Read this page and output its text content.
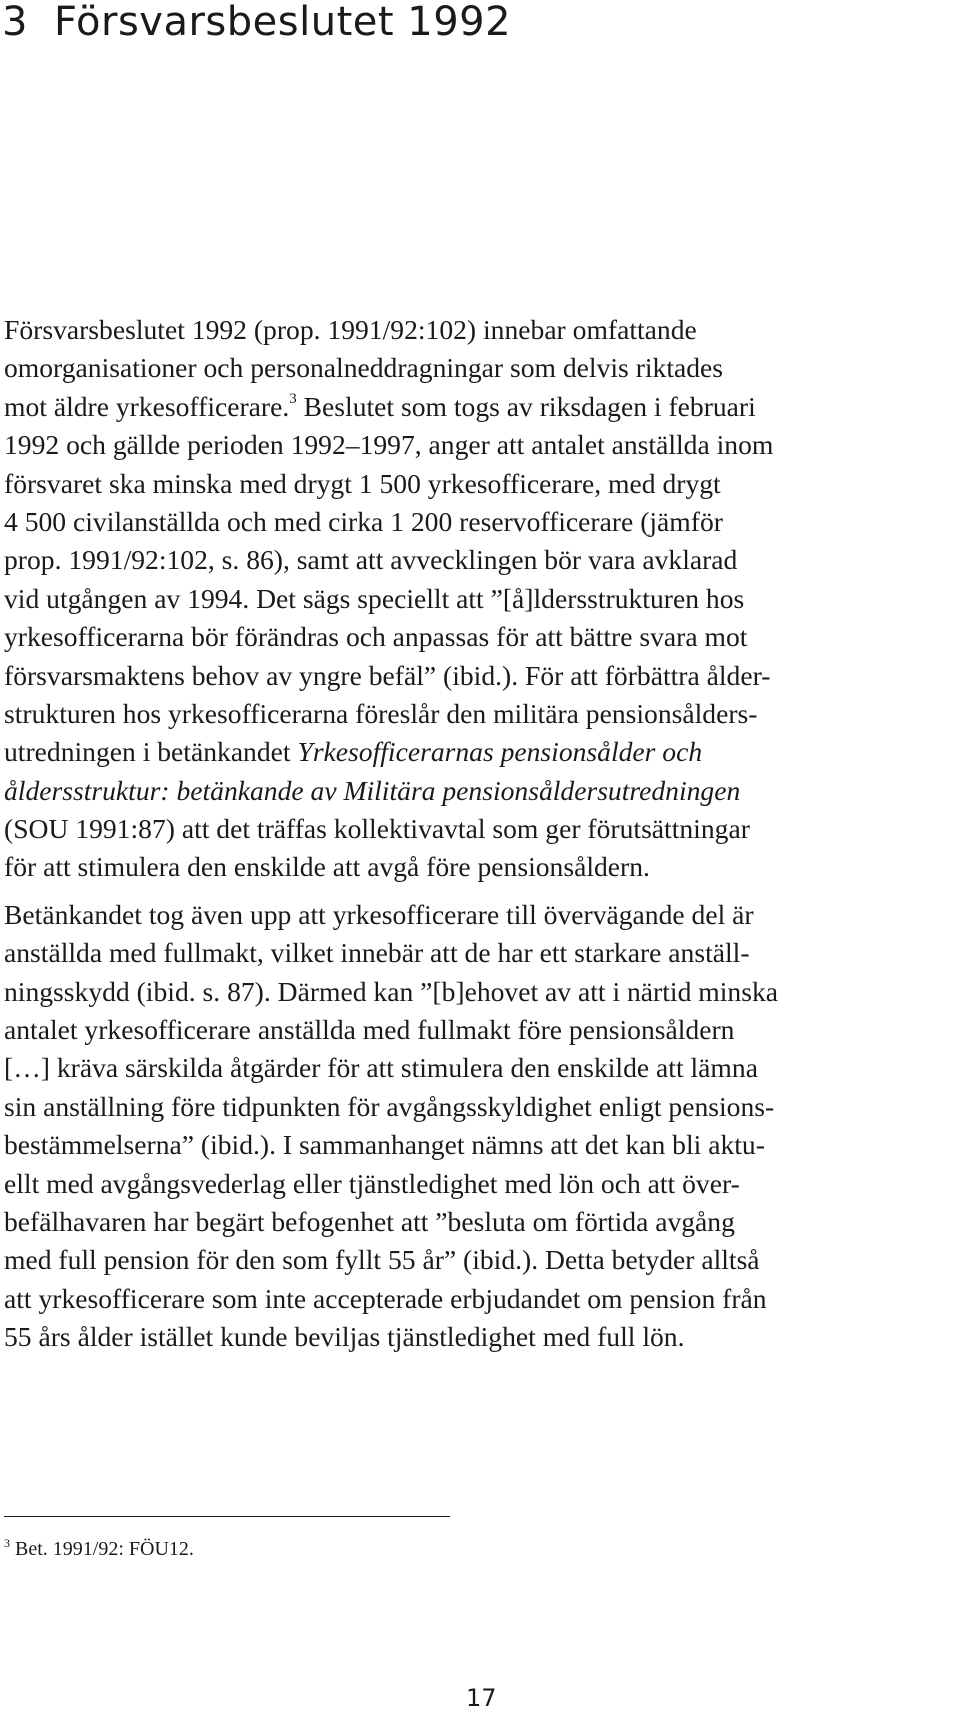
3 Försvarsbeslutet 1992

Försvarsbeslutet 1992 (prop. 1991/92:102) innebar omfattande
omorganisationer och personalneddragningar som delvis riktades
mot äldre yrkesofficerare.$^3$ Beslutet som togs av riksdagen i februari
1992 och gällde perioden 1992–1997, anger att antalet anställda inom
försvaret ska minska med drygt 1 500 yrkesofficerare, med drygt
4 500 civilanställda och med cirka 1 200 reservofficerare (jämför
prop. 1991/92:102, s. 86), samt att avvecklingen bör vara avklarad
vid utgången av 1994. Det sägs speciellt att ”[å]ldersstrukturen hos
yrkesofficerarna bör förändras och anpassas för att bättre svara mot
försvarsmaktens behov av yngre befäl” (ibid.). För att förbättra ålder-
strukturen hos yrkesofficerarna föreslår den militära pensionsålders-
utredningen i betänkandet Yrkesofficerarnas pensionsålder och
åldersstruktur: betänkande av Militära pensionsåldersutredningen
(SOU 1991:87) att det träffas kollektivavtal som ger förutsättningar
för att stimulera den enskilde att avgå före pensionsåldern.

Betänkandet tog även upp att yrkesofficerare till övervägande del är
anställda med fullmakt, vilket innebär att de har ett starkare anställ-
ningsskydd (ibid. s. 87). Därmed kan ”[b]ehovet av att i närtid minska
antalet yrkesofficerare anställda med fullmakt före pensionsåldern
[…] kräva särskilda åtgärder för att stimulera den enskilde att lämna
sin anställning före tidpunkten för avgångsskyldighet enligt pensions-
bestämmelserna” (ibid.). I sammanhanget nämns att det kan bli aktu-
ellt med avgångsvederlag eller tjänstledighet med lön och att över-
befälhavaren har begärt befogenhet att ”besluta om förtida avgång
med full pension för den som fyllt 55 år” (ibid.). Detta betyder alltså
att yrkesofficerare som inte accepterade erbjudandet om pension från
55 års ålder istället kunde beviljas tjänstledighet med full lön.

$^3$ Bet. 1991/92: FÖU12.
17
